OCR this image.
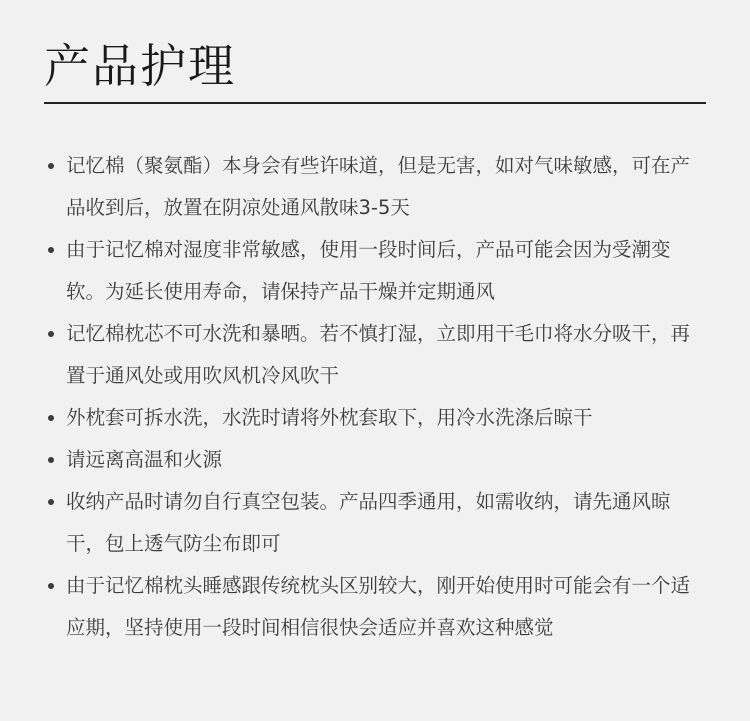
产品护理
记忆棉（聚氨酯）本身会有些许味道，但是无害，如对气味敏感，可在产品收到后，放置在阴凉处通风散味3-5天
由于记忆棉对湿度非常敏感，使用一段时间后，产品可能会因为受潮变软。为延长使用寿命，请保持产品干燥并定期通风
记忆棉枕芯不可水洗和暴晒。若不慎打湿，立即用干毛巾将水分吸干，再置于通风处或用吹风机冷风吹干
外枕套可拆水洗，水洗时请将外枕套取下，用冷水洗涤后晾干
请远离高温和火源
收纳产品时请勿自行真空包装。产品四季通用，如需收纳，请先通风晾干，包上透气防尘布即可
由于记忆棉枕头睡感跟传统枕头区别较大，刚开始使用时可能会有一个适应期，坚持使用一段时间相信很快会适应并喜欢这种感觉
